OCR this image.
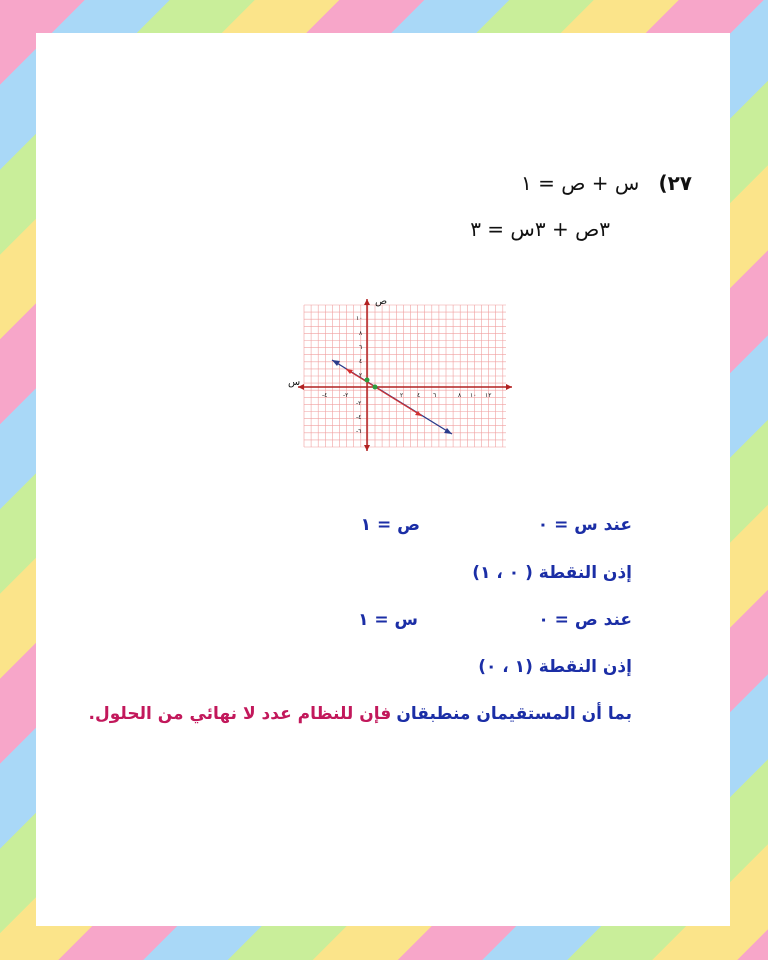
٢٧) س + ص = ١
٣ص + ٣س = ٣
ص
س
١٢
١٠
٨
٦
٤
٢
-٢
-٤
١٠
٨
٦
٤
٢
-٢
-٤
-٦
عند س = ٠
ص = ١
إذن النقطة ( ٠ ، ١)
عند ص = ٠
س = ١
إذن النقطة (١ ، ٠)
بما أن المستقيمان منطبقان فإن للنظام عدد لا نهائي من الحلول.
